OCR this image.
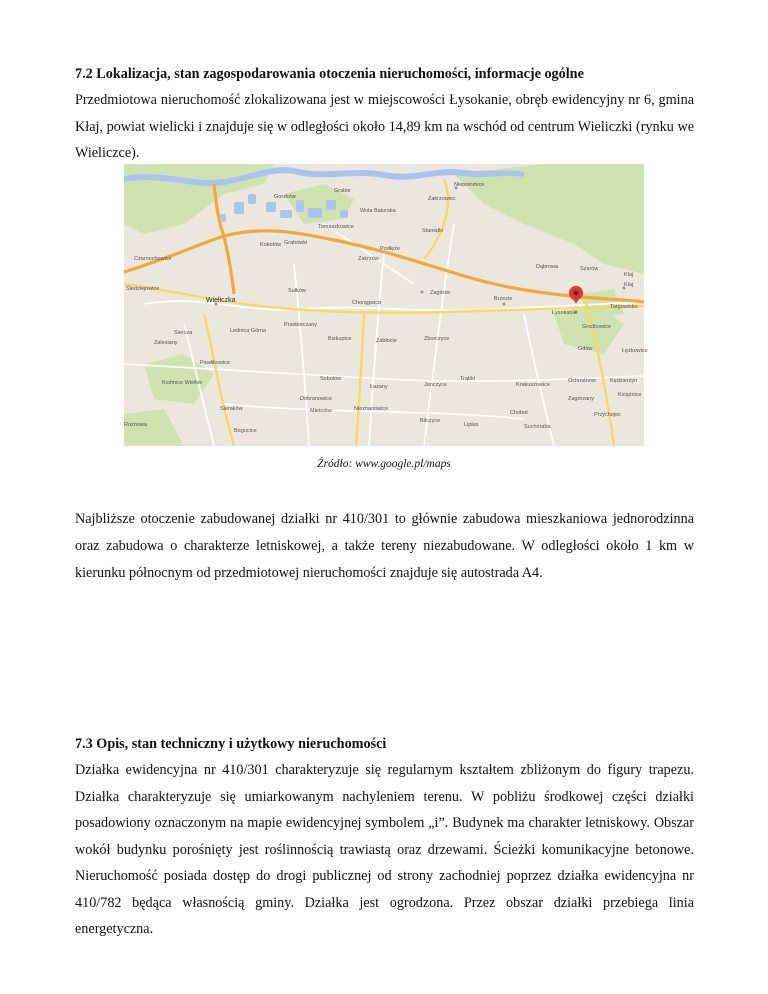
7.2 Lokalizacja, stan zagospodarowania otoczenia nieruchomości, informacje ogólne

Przedmiotowa nieruchomość zlokalizowana jest w miejscowości Łysokanie, obręb ewidencyjny nr 6, gmina Kłaj, powiat wielicki i znajduje się w odległości około 14,89 km na wschód od centrum Wieliczki (rynku we Wieliczce).

Niepołomice
Szarów
Kłaj
Łysokanie
Wieliczka
Zagórze
Brzezie
Podłęże
Dąbrowa
Targowisko
Gorzków
Grabie
Zakrzów
Staniątki
Sułków
Przebieczany
Chorągwica
Siercza
Zabłocie
Śledziejowice
Czarnochowice
Kokotów
Koźmice Wielkie
Sieraków
Lednica Górna
Pawlikowice
Dobranowice
Biskupice	Zborczyce
Sobolów	Trąbki
Janczyce
Łazany	Krakuszowice
Ochmanów	Kędzierzyn
Wola Batorska
Zakrzowiec
Mietniów
Grabówki
Tomaszkowice
Gdów
Nieznanowice
Zagórzany
Bilczyce
Liplas
Przychojec
Książnice
Grodkowice
Łężkowice
Bogucice
Chobot
Suchoraba
Rożnowa
Zalesiany
Kłaj

Źródło: www.google.pl/maps

Najbliższe otoczenie zabudowanej działki nr 410/301 to głównie zabudowa mieszkaniowa jednorodzinna oraz zabudowa o charakterze letniskowej, a także tereny niezabudowane. W odległości około 1 km w kierunku północnym od przedmiotowej nieruchomości znajduje się autostrada A4.

7.3 Opis, stan techniczny i użytkowy nieruchomości

Działka ewidencyjna nr 410/301 charakteryzuje się regularnym kształtem zbliżonym do figury trapezu. Działka charakteryzuje się umiarkowanym nachyleniem terenu. W pobliżu środkowej części działki posadowiony oznaczonym na mapie ewidencyjnej symbolem „i”. Budynek ma charakter letniskowy. Obszar wokół budynku porośnięty jest roślinnością trawiastą oraz drzewami. Ścieżki komunikacyjne betonowe. Nieruchomość posiada dostęp do drogi publicznej od strony zachodniej poprzez działka ewidencyjna nr 410/782 będąca własnością gminy. Działka jest ogrodzona. Przez obszar działki przebiega linia energetyczna.
